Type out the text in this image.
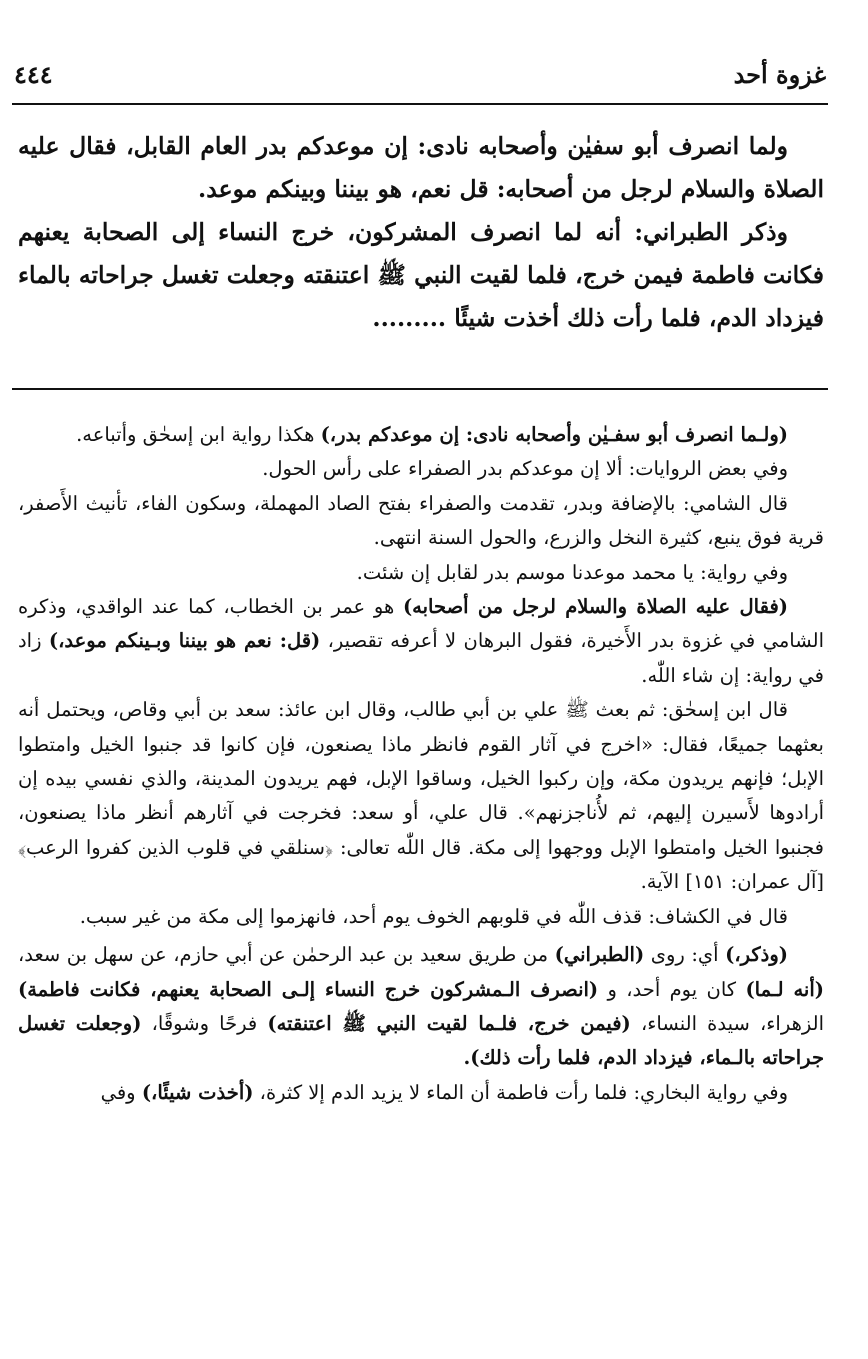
غزوة أحد
٤٤٤

ولما انصرف أبو سفيٰن وأصحابه نادى: إن موعدكم بدر العام القابل، فقال عليه الصلاة والسلام لرجل من أصحابه: قل نعم، هو بيننا وبينكم موعد.

وذكر الطبراني: أنه لما انصرف المشركون، خرج النساء إلى الصحابة يعنهم فكانت فاطمة فيمن خرج، فلما لقيت النبي ﷺ اعتنقته وجعلت تغسل جراحاته بالماء فيزداد الدم، فلما رأت ذلك أخذت شيئًا .........

(ولـما انصرف أبو سفـيٰن وأصحابه نادى: إن موعدكم بدر،) هكذا رواية ابن إسحٰق وأتباعه.

وفي بعض الروايات: ألا إن موعدكم بدر الصفراء على رأس الحول.

قال الشامي: بالإضافة وبدر، تقدمت والصفراء بفتح الصاد المهملة، وسكون الفاء، تأنيث الأَصفر، قرية فوق ينبع، كثيرة النخل والزرع، والحول السنة انتهى.

وفي رواية: يا محمد موعدنا موسم بدر لقابل إن شئت.

(فقال عليه الصلاة والسلام لرجل من أصحابه) هو عمر بن الخطاب، كما عند الواقدي، وذكره الشامي في غزوة بدر الأَخيرة، فقول البرهان لا أعرفه تقصير، (قل: نعم هو بيننا وبـينكم موعد،) زاد في رواية: إن شاء اللّٰه.

قال ابن إسحٰق: ثم بعث ﷺ علي بن أبي طالب، وقال ابن عائذ: سعد بن أبي وقاص، ويحتمل أنه بعثهما جميعًا، فقال: «اخرج في آثار القوم فانظر ماذا يصنعون، فإن كانوا قد جنبوا الخيل وامتطوا الإبل؛ فإنهم يريدون مكة، وإن ركبوا الخيل، وساقوا الإبل، فهم يريدون المدينة، والذي نفسي بيده إن أرادوها لأَسيرن إليهم، ثم لأُناجزنهم». قال علي، أو سعد: فخرجت في آثارهم أنظر ماذا يصنعون، فجنبوا الخيل وامتطوا الإبل ووجهوا إلى مكة. قال اللّٰه تعالى: ﴿سنلقي في قلوب الذين كفروا الرعب﴾ [آل عمران: ١٥١] الآية.

قال في الكشاف: قذف اللّٰه في قلوبهم الخوف يوم أحد، فانهزموا إلى مكة من غير سبب.

(وذكر،) أي: روى (الطبراني) من طريق سعيد بن عبد الرحمٰن عن أبي حازم، عن سهل بن سعد، (أنه لـما) كان يوم أحد، و (انصرف الـمشركون خرج النساء إلـى الصحابة يعنهم، فكانت فاطمة) الزهراء، سيدة النساء، (فيمن خرج، فلـما لقيت النبي ﷺ اعتنقته) فرحًا وشوقًا، (وجعلت تغسل جراحاته بالـماء، فيزداد الدم، فلما رأت ذلك).

وفي رواية البخاري: فلما رأت فاطمة أن الماء لا يزيد الدم إلا كثرة، (أخذت شيئًا،) وفي
